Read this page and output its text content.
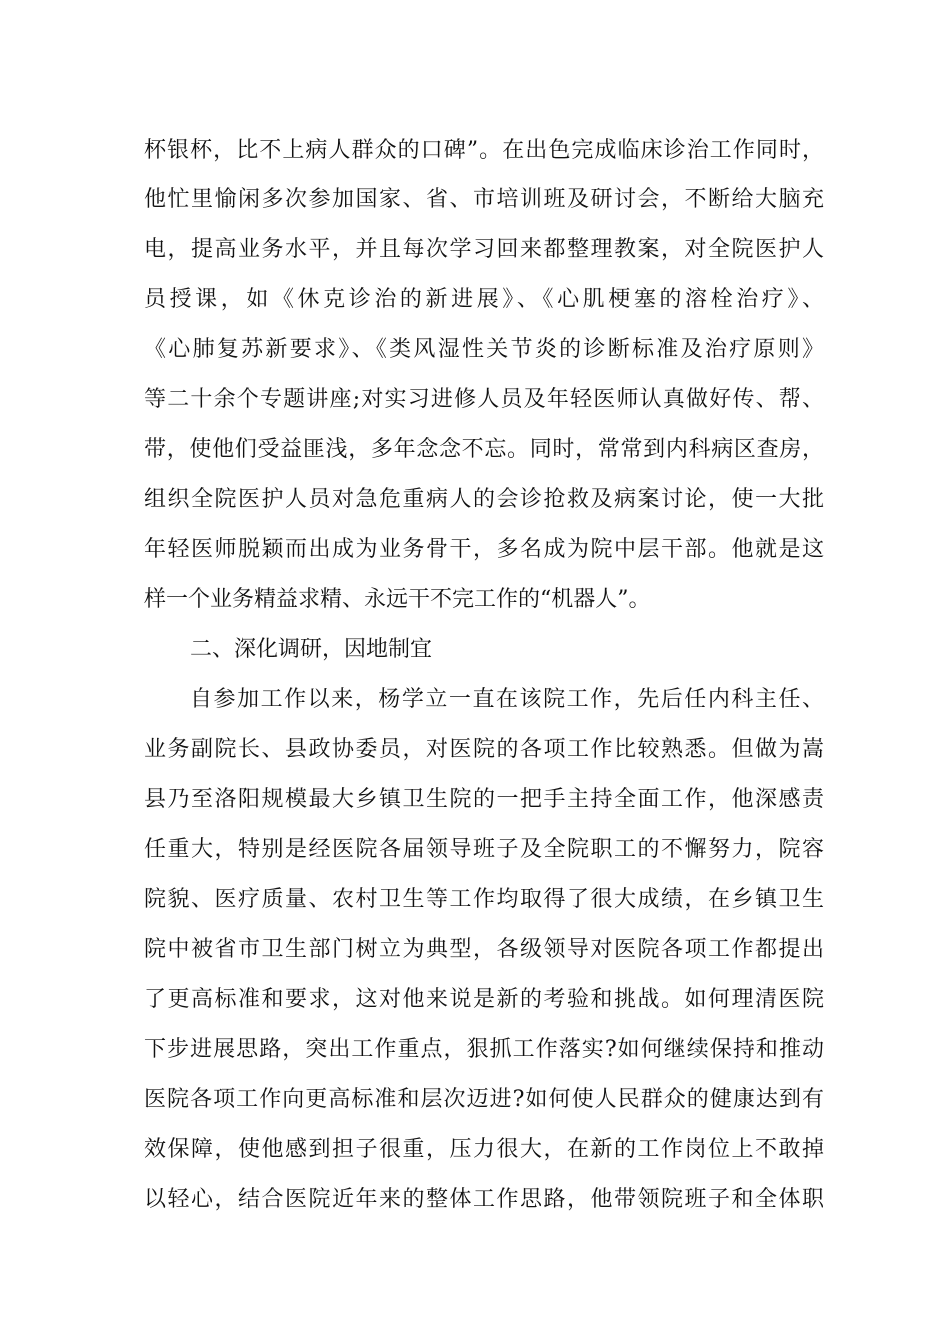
杯银杯，比不上病人群众的口碑”。在出色完成临床诊治工作同时，
他忙里愉闲多次参加国家、省、市培训班及研讨会，不断给大脑充
电，提高业务水平，并且每次学习回来都整理教案，对全院医护人
员授课，如《休克诊治的新进展》、《心肌梗塞的溶栓治疗》、
《心肺复苏新要求》、《类风湿性关节炎的诊断标准及治疗原则》
等二十余个专题讲座;对实习进修人员及年轻医师认真做好传、帮、
带，使他们受益匪浅，多年念念不忘。同时，常常到内科病区查房，
组织全院医护人员对急危重病人的会诊抢救及病案讨论，使一大批
年轻医师脱颖而出成为业务骨干，多名成为院中层干部。他就是这
样一个业务精益求精、永远干不完工作的“机器人”。
二、深化调研，因地制宜
自参加工作以来，杨学立一直在该院工作，先后任内科主任、
业务副院长、县政协委员，对医院的各项工作比较熟悉。但做为嵩
县乃至洛阳规模最大乡镇卫生院的一把手主持全面工作，他深感责
任重大，特别是经医院各届领导班子及全院职工的不懈努力，院容
院貌、医疗质量、农村卫生等工作均取得了很大成绩，在乡镇卫生
院中被省市卫生部门树立为典型，各级领导对医院各项工作都提出
了更高标准和要求，这对他来说是新的考验和挑战。如何理清医院
下步进展思路，突出工作重点，狠抓工作落实?如何继续保持和推动
医院各项工作向更高标准和层次迈进?如何使人民群众的健康达到有
效保障，使他感到担子很重，压力很大，在新的工作岗位上不敢掉
以轻心，结合医院近年来的整体工作思路，他带领院班子和全体职
